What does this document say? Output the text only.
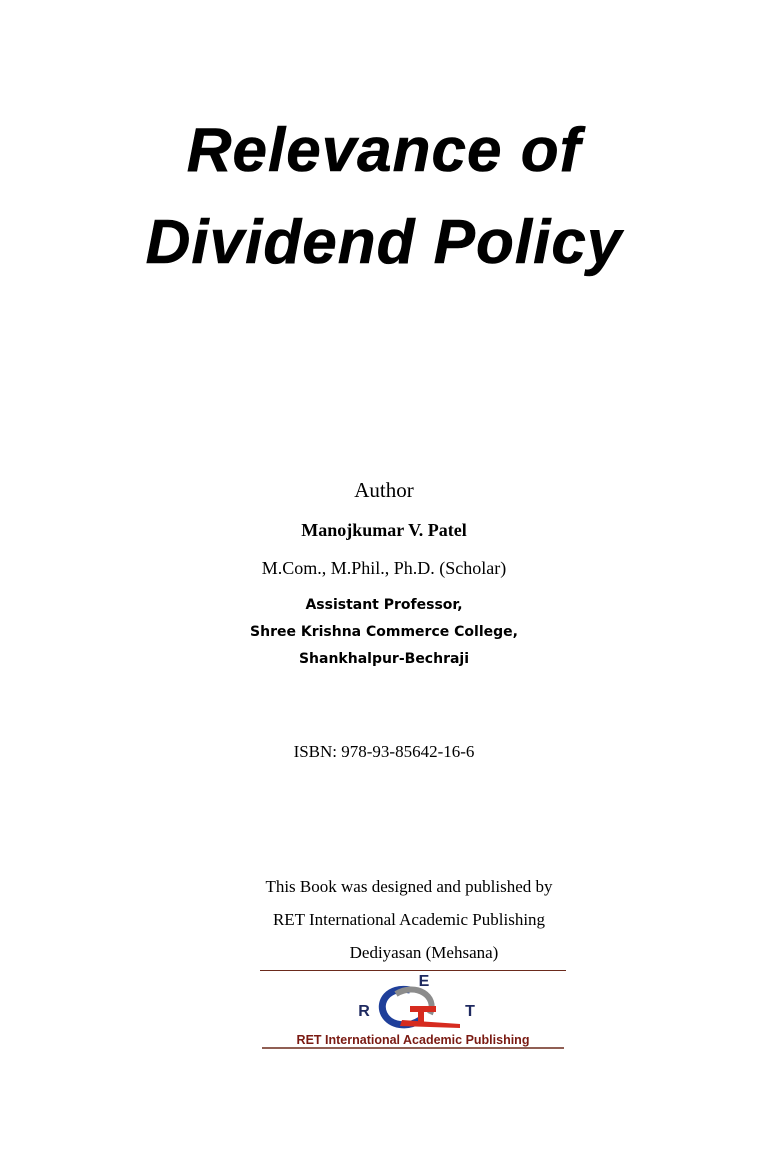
Relevance of
Dividend Policy
Author
Manojkumar V. Patel
M.Com., M.Phil., Ph.D. (Scholar)
Assistant Professor,
Shree Krishna Commerce College,
Shankhalpur-Bechraji
ISBN: 978-93-85642-16-6
This Book was designed and published by
RET International Academic Publishing
Dediyasan (Mehsana)
E
R	T
RET International Academic Publishing
